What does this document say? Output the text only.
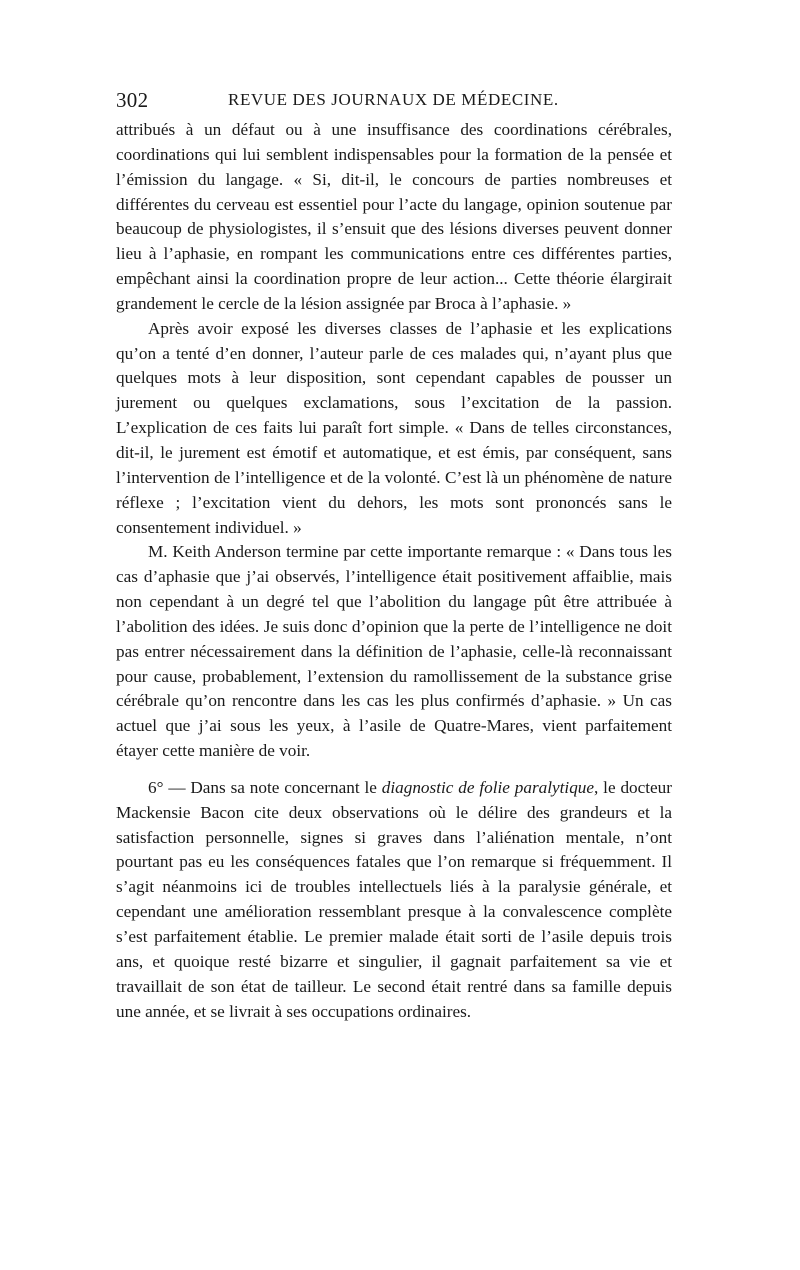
302	REVUE DES JOURNAUX DE MÉDECINE.

attribués à un défaut ou à une insuffisance des coordinations cérébrales, coordinations qui lui semblent indispensables pour la formation de la pensée et l’émission du langage. « Si, dit-il, le concours de parties nombreuses et différentes du cerveau est essentiel pour l’acte du langage, opinion soutenue par beaucoup de physiologistes, il s’ensuit que des lésions diverses peuvent donner lieu à l’aphasie, en rompant les communications entre ces différentes parties, empêchant ainsi la coordination propre de leur action... Cette théorie élargirait grandement le cercle de la lésion assignée par Broca à l’aphasie. »

Après avoir exposé les diverses classes de l’aphasie et les explications qu’on a tenté d’en donner, l’auteur parle de ces malades qui, n’ayant plus que quelques mots à leur disposition, sont cependant capables de pousser un jurement ou quelques exclamations, sous l’excitation de la passion. L’explication de ces faits lui paraît fort simple. « Dans de telles circonstances, dit-il, le jurement est émotif et automatique, et est émis, par conséquent, sans l’intervention de l’intelligence et de la volonté. C’est là un phénomène de nature réflexe ; l’excitation vient du dehors, les mots sont prononcés sans le consentement individuel. »

M. Keith Anderson termine par cette importante remarque : « Dans tous les cas d’aphasie que j’ai observés, l’intelligence était positivement affaiblie, mais non cependant à un degré tel que l’abolition du langage pût être attribuée à l’abolition des idées. Je suis donc d’opinion que la perte de l’intelligence ne doit pas entrer nécessairement dans la définition de l’aphasie, celle-là reconnaissant pour cause, probablement, l’extension du ramollissement de la substance grise cérébrale qu’on rencontre dans les cas les plus confirmés d’aphasie. » Un cas actuel que j’ai sous les yeux, à l’asile de Quatre-Mares, vient parfaitement étayer cette manière de voir.

6° — Dans sa note concernant le diagnostic de folie paralytique, le docteur Mackensie Bacon cite deux observations où le délire des grandeurs et la satisfaction personnelle, signes si graves dans l’aliénation mentale, n’ont pourtant pas eu les conséquences fatales que l’on remarque si fréquemment. Il s’agit néanmoins ici de troubles intellectuels liés à la paralysie générale, et cependant une amélioration ressemblant presque à la convalescence complète s’est parfaitement établie. Le premier malade était sorti de l’asile depuis trois ans, et quoique resté bizarre et singulier, il gagnait parfaitement sa vie et travaillait de son état de tailleur. Le second était rentré dans sa famille depuis une année, et se livrait à ses occupations ordinaires.
